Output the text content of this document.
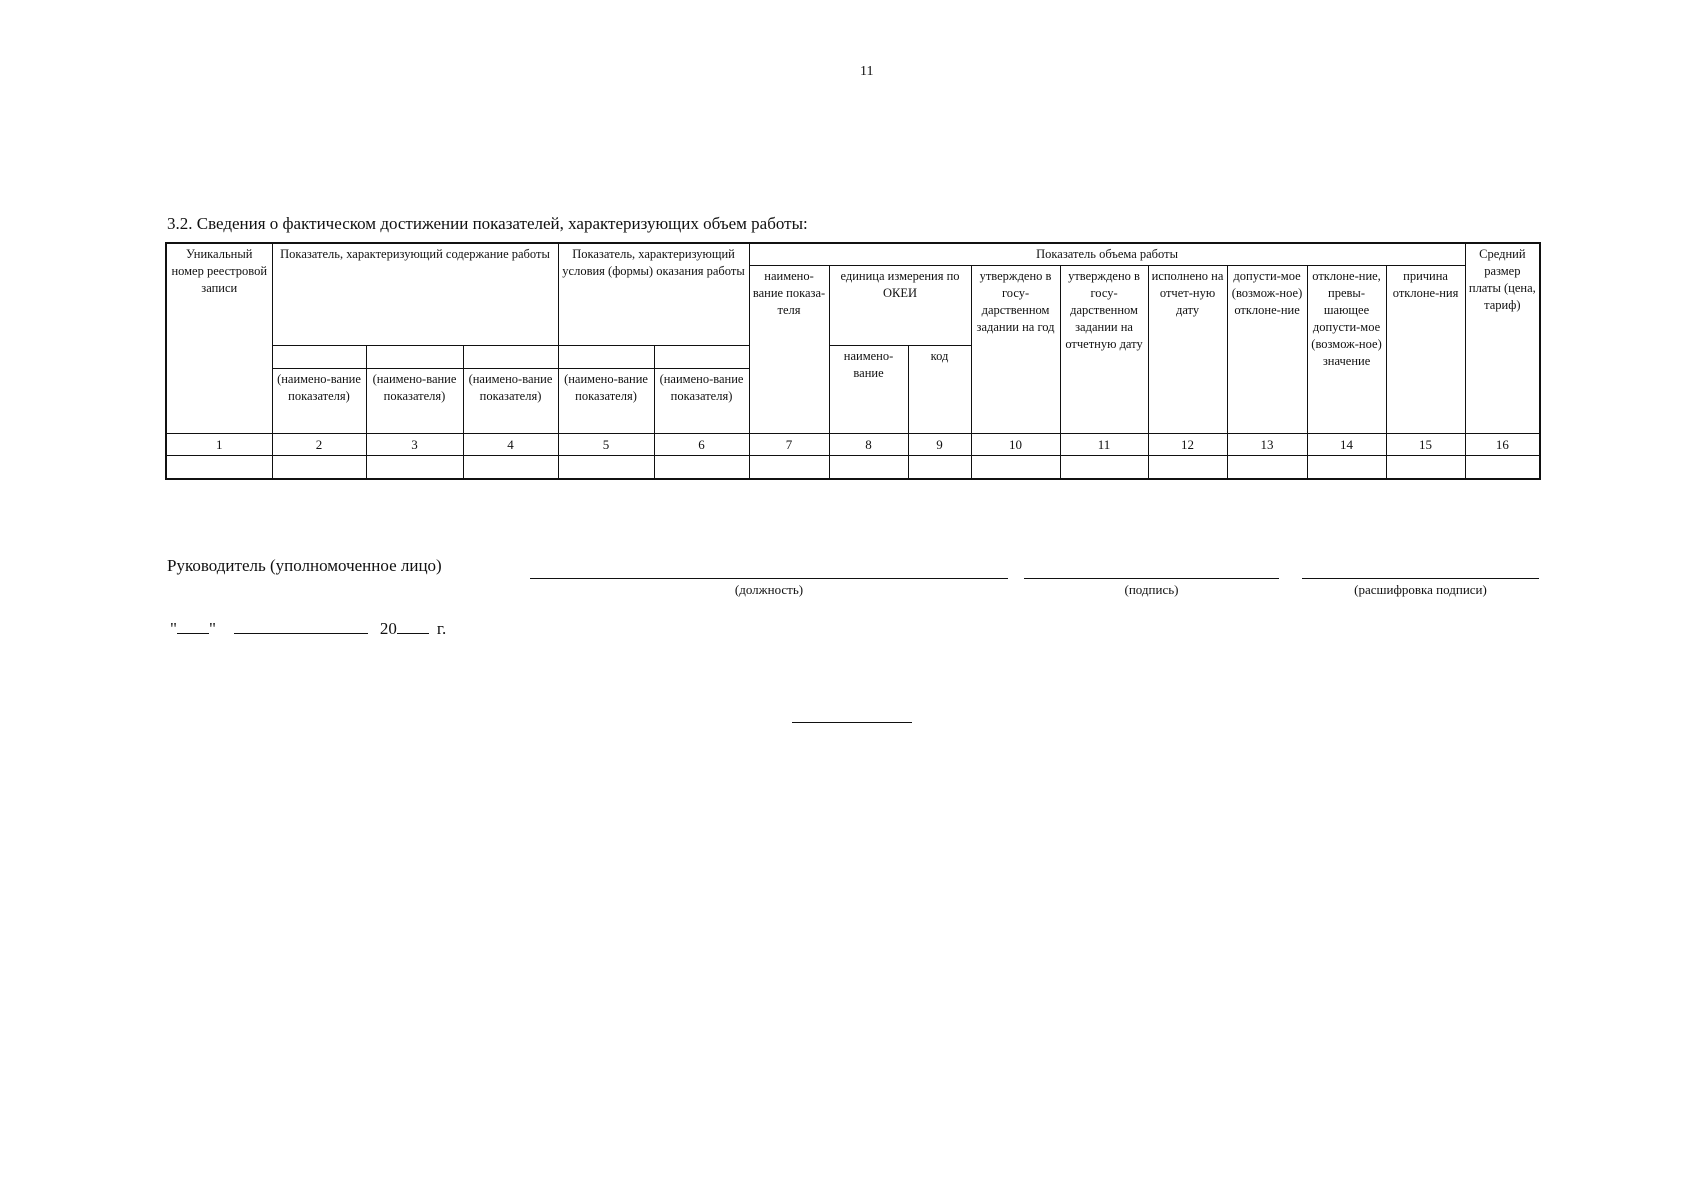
11
3.2. Сведения о фактическом достижении показателей, характеризующих объем работы:
Уникальный номер реестровой записи	Показатель, характеризующий содержание работы			Показатель, характеризующий условия (формы) оказания работы		Показатель объема работы									Средний размер платы (цена, тариф)
						наимено-вание показа-теля	единица измерения по ОКЕИ		утверждено в госу-дарственном задании на год	утверждено в госу-дарственном задании на отчетную дату	исполнено на отчет-ную дату	допусти-мое (возмож-ное) отклоне-ние	отклоне-ние, превы-шающее допусти-мое (возмож-ное) значение	причина отклоне-ния	
							наимено-вание	код							
	(наимено-вание показателя)	(наимено-вание показателя)	(наимено-вание показателя)	(наимено-вание показателя)	(наимено-вание показателя)										
1	2	3	4	5	6	7	8	9	10	11	12	13	14	15	16

Руководитель (уполномоченное лицо)
(должность)	(подпись)	(расшифровка подписи)
" "	20 г.
